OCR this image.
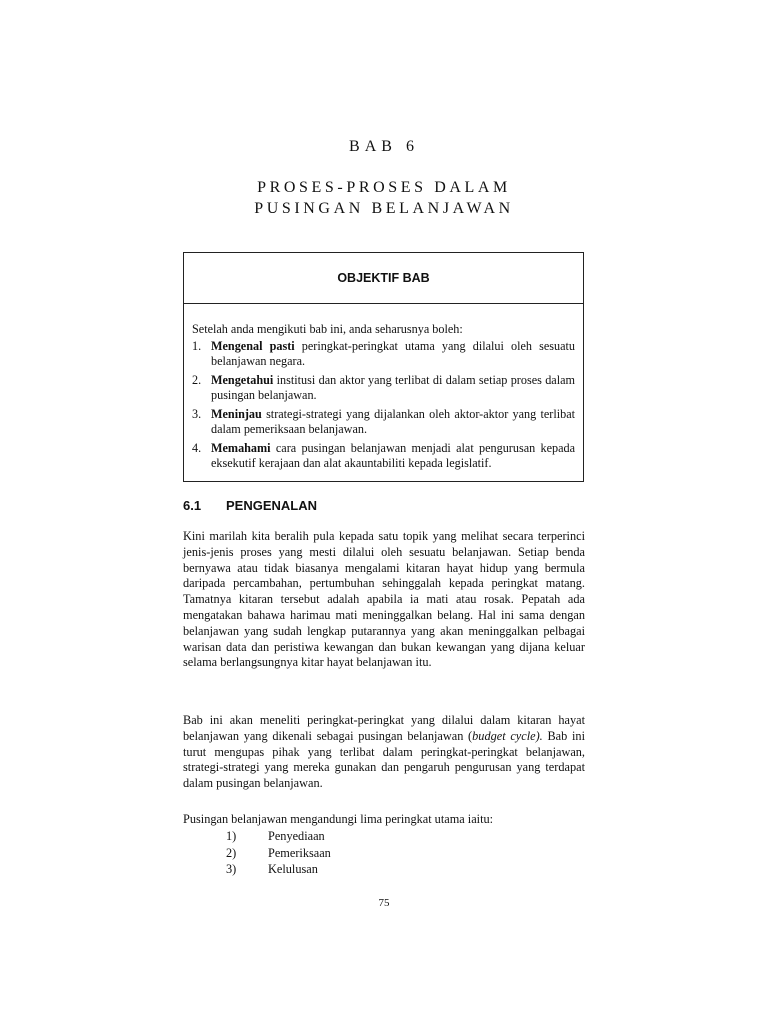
BAB 6
PROSES-PROSES DALAM
PUSINGAN BELANJAWAN
OBJEKTIF BAB

Setelah anda mengikuti bab ini, anda seharusnya boleh:

1. Mengenal pasti peringkat-peringkat utama yang dilalui oleh sesuatu belanjawan negara.
2. Mengetahui institusi dan aktor yang terlibat di dalam setiap proses dalam pusingan belanjawan.
3. Meninjau strategi-strategi yang dijalankan oleh aktor-aktor yang terlibat dalam pemeriksaan belanjawan.
4. Memahami cara pusingan belanjawan menjadi alat pengurusan kepada eksekutif kerajaan dan alat akauntabiliti kepada legislatif.
6.1 PENGENALAN

Kini marilah kita beralih pula kepada satu topik yang melihat secara terperinci jenis-jenis proses yang mesti dilalui oleh sesuatu belanjawan. Setiap benda bernyawa atau tidak biasanya mengalami kitaran hayat hidup yang bermula daripada percambahan, pertumbuhan sehinggalah kepada peringkat matang. Tamatnya kitaran tersebut adalah apabila ia mati atau rosak. Pepatah ada mengatakan bahawa harimau mati meninggalkan belang. Hal ini sama dengan belanjawan yang sudah lengkap putarannya yang akan meninggalkan pelbagai warisan data dan peristiwa kewangan dan bukan kewangan yang dijana keluar selama berlangsungnya kitar hayat belanjawan itu.

Bab ini akan meneliti peringkat-peringkat yang dilalui dalam kitaran hayat belanjawan yang dikenali sebagai pusingan belanjawan (budget cycle). Bab ini turut mengupas pihak yang terlibat dalam peringkat-peringkat belanjawan, strategi-strategi yang mereka gunakan dan pengaruh pengurusan yang terdapat dalam pusingan belanjawan.

Pusingan belanjawan mengandungi lima peringkat utama iaitu:

1)	Penyediaan
2)	Pemeriksaan
3)	Kelulusan
75
